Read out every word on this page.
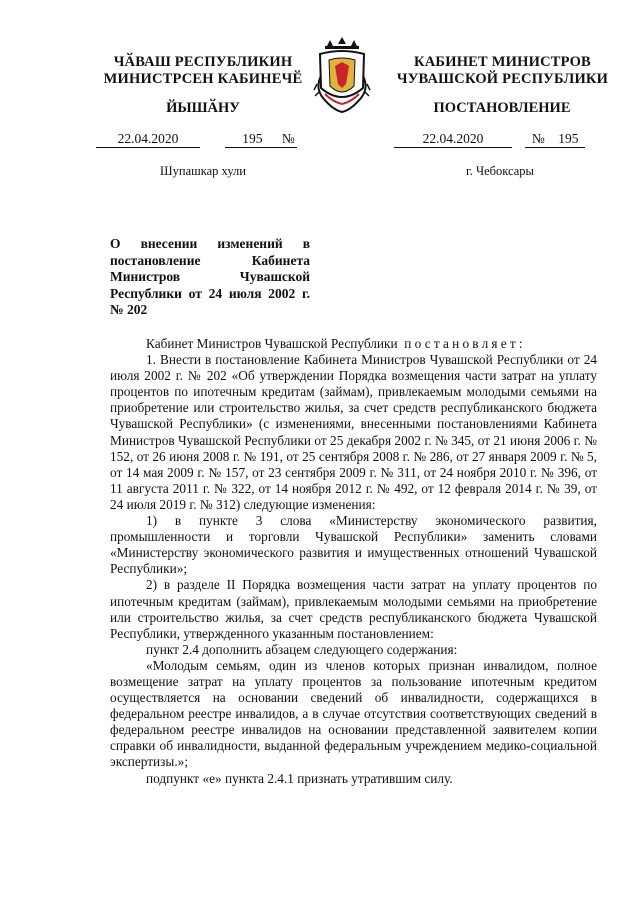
ЧӐВАШ РЕСПУБЛИКИН
МИНИСТРСЕН КАБИНЕЧӖ
КАБИНЕТ МИНИСТРОВ
ЧУВАШСКОЙ РЕСПУБЛИКИ
ЙЫШӐНУ	ПОСТАНОВЛЕНИЕ
22.04.2020	195 №	22.04.2020	№ 195
Шупашкар хули	г. Чебоксары
О внесении изменений в постановление Кабинета Министров Чувашской Республики от 24 июля 2002 г. № 202

Кабинет Министров Чувашской Республики постановляет:

1. Внести в постановление Кабинета Министров Чувашской Республики от 24 июля 2002 г. № 202 «Об утверждении Порядка возмещения части затрат на уплату процентов по ипотечным кредитам (займам), привлекаемым молодыми семьями на приобретение или строительство жилья, за счет средств республиканского бюджета Чувашской Республики» (с изменениями, внесенными постановлениями Кабинета Министров Чувашской Республики от 25 декабря 2002 г. № 345, от 21 июня 2006 г. № 152, от 26 июня 2008 г. № 191, от 25 сентября 2008 г. № 286, от 27 января 2009 г. № 5, от 14 мая 2009 г. № 157, от 23 сентября 2009 г. № 311, от 24 ноября 2010 г. № 396, от 11 августа 2011 г. № 322, от 14 ноября 2012 г. № 492, от 12 февраля 2014 г. № 39, от 24 июля 2019 г. № 312) следующие изменения:

1) в пункте 3 слова «Министерству экономического развития, промышленности и торговли Чувашской Республики» заменить словами «Министерству экономического развития и имущественных отношений Чувашской Республики»;

2) в разделе II Порядка возмещения части затрат на уплату процентов по ипотечным кредитам (займам), привлекаемым молодыми семьями на приобретение или строительство жилья, за счет средств республиканского бюджета Чувашской Республики, утвержденного указанным постановлением:

пункт 2.4 дополнить абзацем следующего содержания:

«Молодым семьям, один из членов которых признан инвалидом, полное возмещение затрат на уплату процентов за пользование ипотечным кредитом осуществляется на основании сведений об инвалидности, содержащихся в федеральном реестре инвалидов, а в случае отсутствия соответствующих сведений в федеральном реестре инвалидов на основании представленной заявителем копии справки об инвалидности, выданной федеральным учреждением медико-социальной экспертизы.»;

подпункт «е» пункта 2.4.1 признать утратившим силу.
